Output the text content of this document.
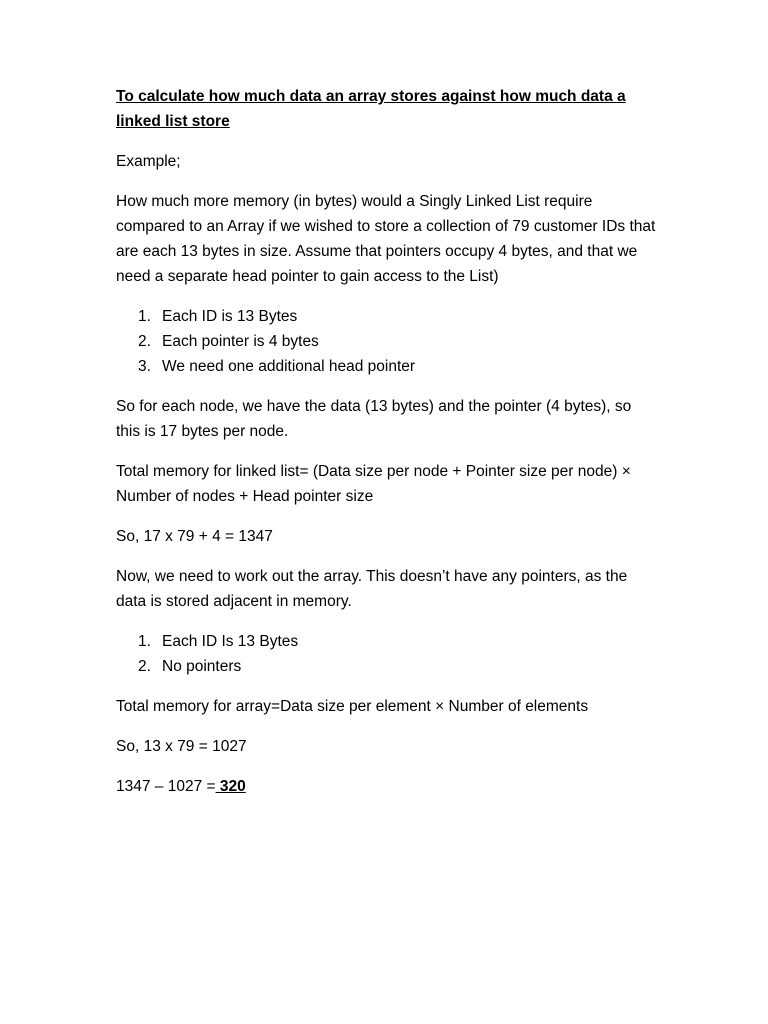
To calculate how much data an array stores against how much data a
linked list store

Example;

How much more memory (in bytes) would a Singly Linked List require compared to an Array if we wished to store a collection of 79 customer IDs that are each 13 bytes in size. Assume that pointers occupy 4 bytes, and that we need a separate head pointer to gain access to the List)

1. Each ID is 13 Bytes
2. Each pointer is 4 bytes
3. We need one additional head pointer

So for each node, we have the data (13 bytes) and the pointer (4 bytes), so this is 17 bytes per node.

Total memory for linked list= (Data size per node + Pointer size per node) × Number of nodes + Head pointer size

So, 17 x 79 + 4 = 1347

Now, we need to work out the array. This doesn’t have any pointers, as the data is stored adjacent in memory.

1. Each ID Is 13 Bytes
2. No pointers

Total memory for array=Data size per element × Number of elements

So, 13 x 79 = 1027

1347 – 1027 = 320
